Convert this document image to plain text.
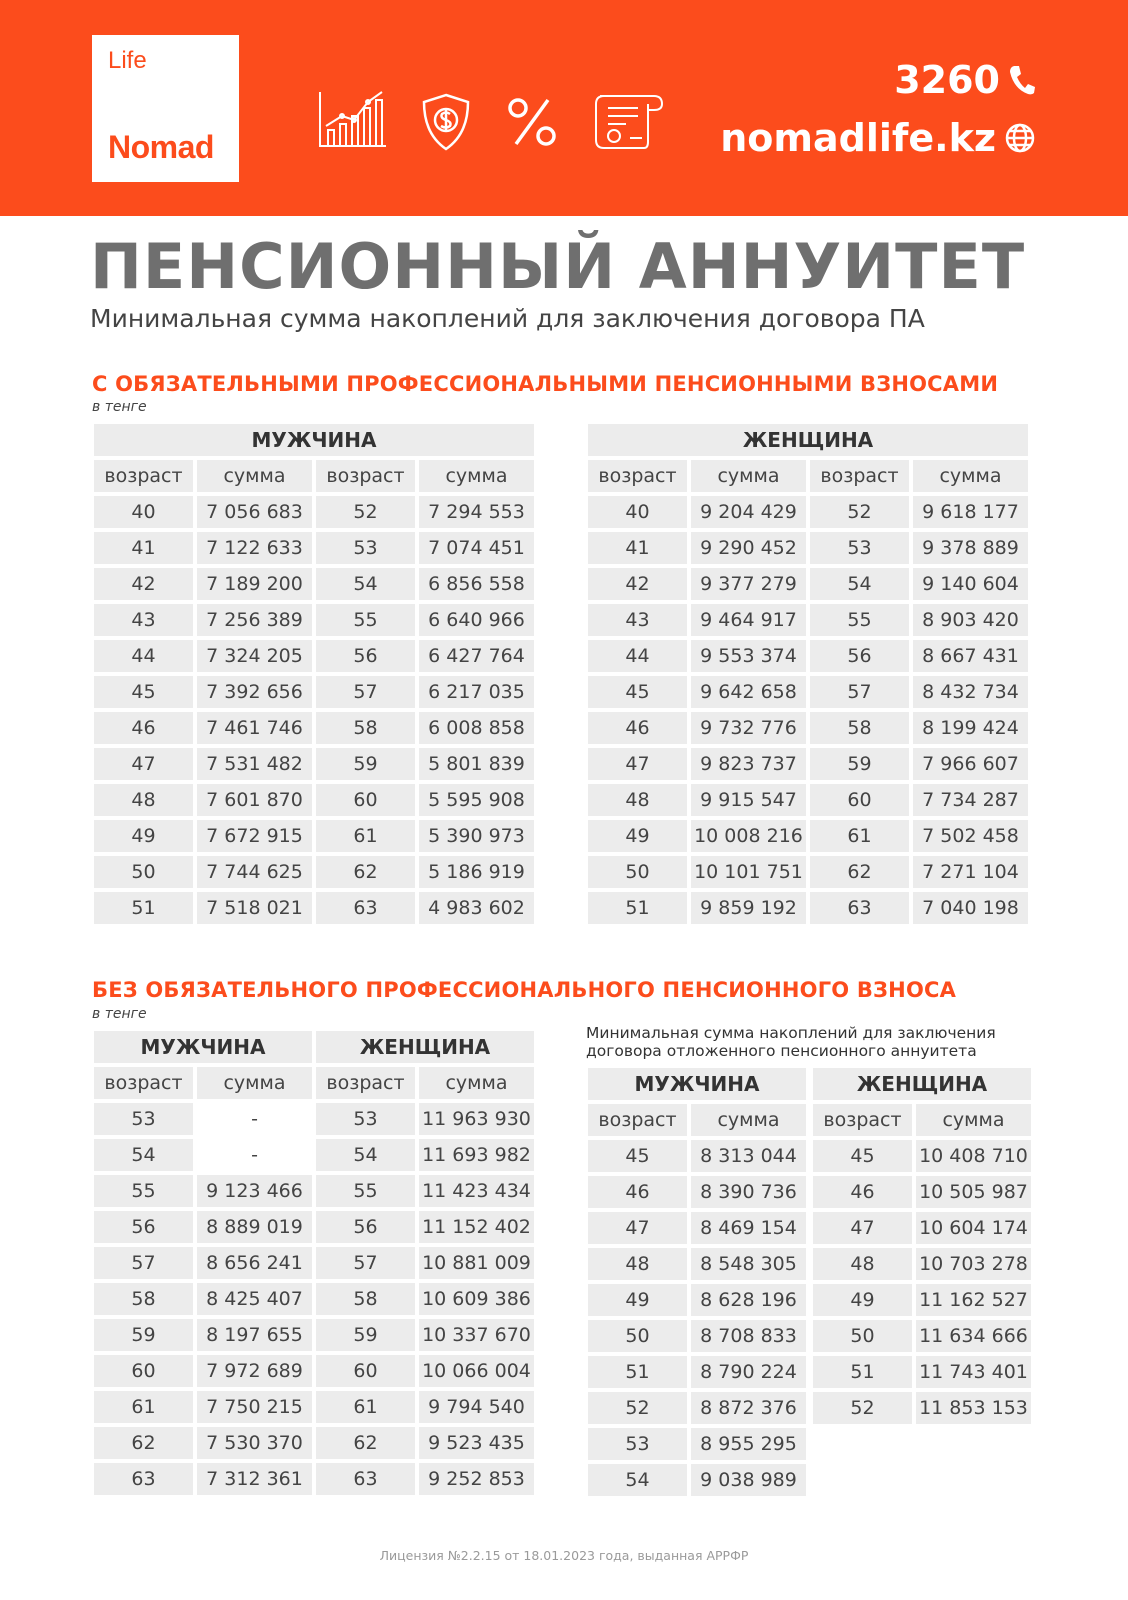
Life
Nomad
3260
nomadlife.kz
ПЕНСИОННЫЙ АННУИТЕТ
Минимальная сумма накоплений для заключения договора ПА
С ОБЯЗАТЕЛЬНЫМИ ПРОФЕССИОНАЛЬНЫМИ ПЕНСИОННЫМИ ВЗНОСАМИ
в тенге
МУЖЧИНА
возраст	сумма	возраст	сумма
40	7 056 683	52	7 294 553
41	7 122 633	53	7 074 451
42	7 189 200	54	6 856 558
43	7 256 389	55	6 640 966
44	7 324 205	56	6 427 764
45	7 392 656	57	6 217 035
46	7 461 746	58	6 008 858
47	7 531 482	59	5 801 839
48	7 601 870	60	5 595 908
49	7 672 915	61	5 390 973
50	7 744 625	62	5 186 919
51	7 518 021	63	4 983 602
ЖЕНЩИНА
возраст	сумма	возраст	сумма
40	9 204 429	52	9 618 177
41	9 290 452	53	9 378 889
42	9 377 279	54	9 140 604
43	9 464 917	55	8 903 420
44	9 553 374	56	8 667 431
45	9 642 658	57	8 432 734
46	9 732 776	58	8 199 424
47	9 823 737	59	7 966 607
48	9 915 547	60	7 734 287
49	10 008 216	61	7 502 458
50	10 101 751	62	7 271 104
51	9 859 192	63	7 040 198
БЕЗ ОБЯЗАТЕЛЬНОГО ПРОФЕССИОНАЛЬНОГО ПЕНСИОННОГО ВЗНОСА
в тенге
МУЖЧИНА	ЖЕНЩИНА
возраст	сумма	возраст	сумма
53	-	53	11 963 930
54	-	54	11 693 982
55	9 123 466	55	11 423 434
56	8 889 019	56	11 152 402
57	8 656 241	57	10 881 009
58	8 425 407	58	10 609 386
59	8 197 655	59	10 337 670
60	7 972 689	60	10 066 004
61	7 750 215	61	9 794 540
62	7 530 370	62	9 523 435
63	7 312 361	63	9 252 853
Минимальная сумма накоплений для заключения договора отложенного пенсионного аннуитета
МУЖЧИНА
возраст	сумма
45	8 313 044
46	8 390 736
47	8 469 154
48	8 548 305
49	8 628 196
50	8 708 833
51	8 790 224
52	8 872 376
53	8 955 295
54	9 038 989
ЖЕНЩИНА
возраст	сумма
45	10 408 710
46	10 505 987
47	10 604 174
48	10 703 278
49	11 162 527
50	11 634 666
51	11 743 401
52	11 853 153
Лицензия №2.2.15 от 18.01.2023 года, выданная АРРФР
